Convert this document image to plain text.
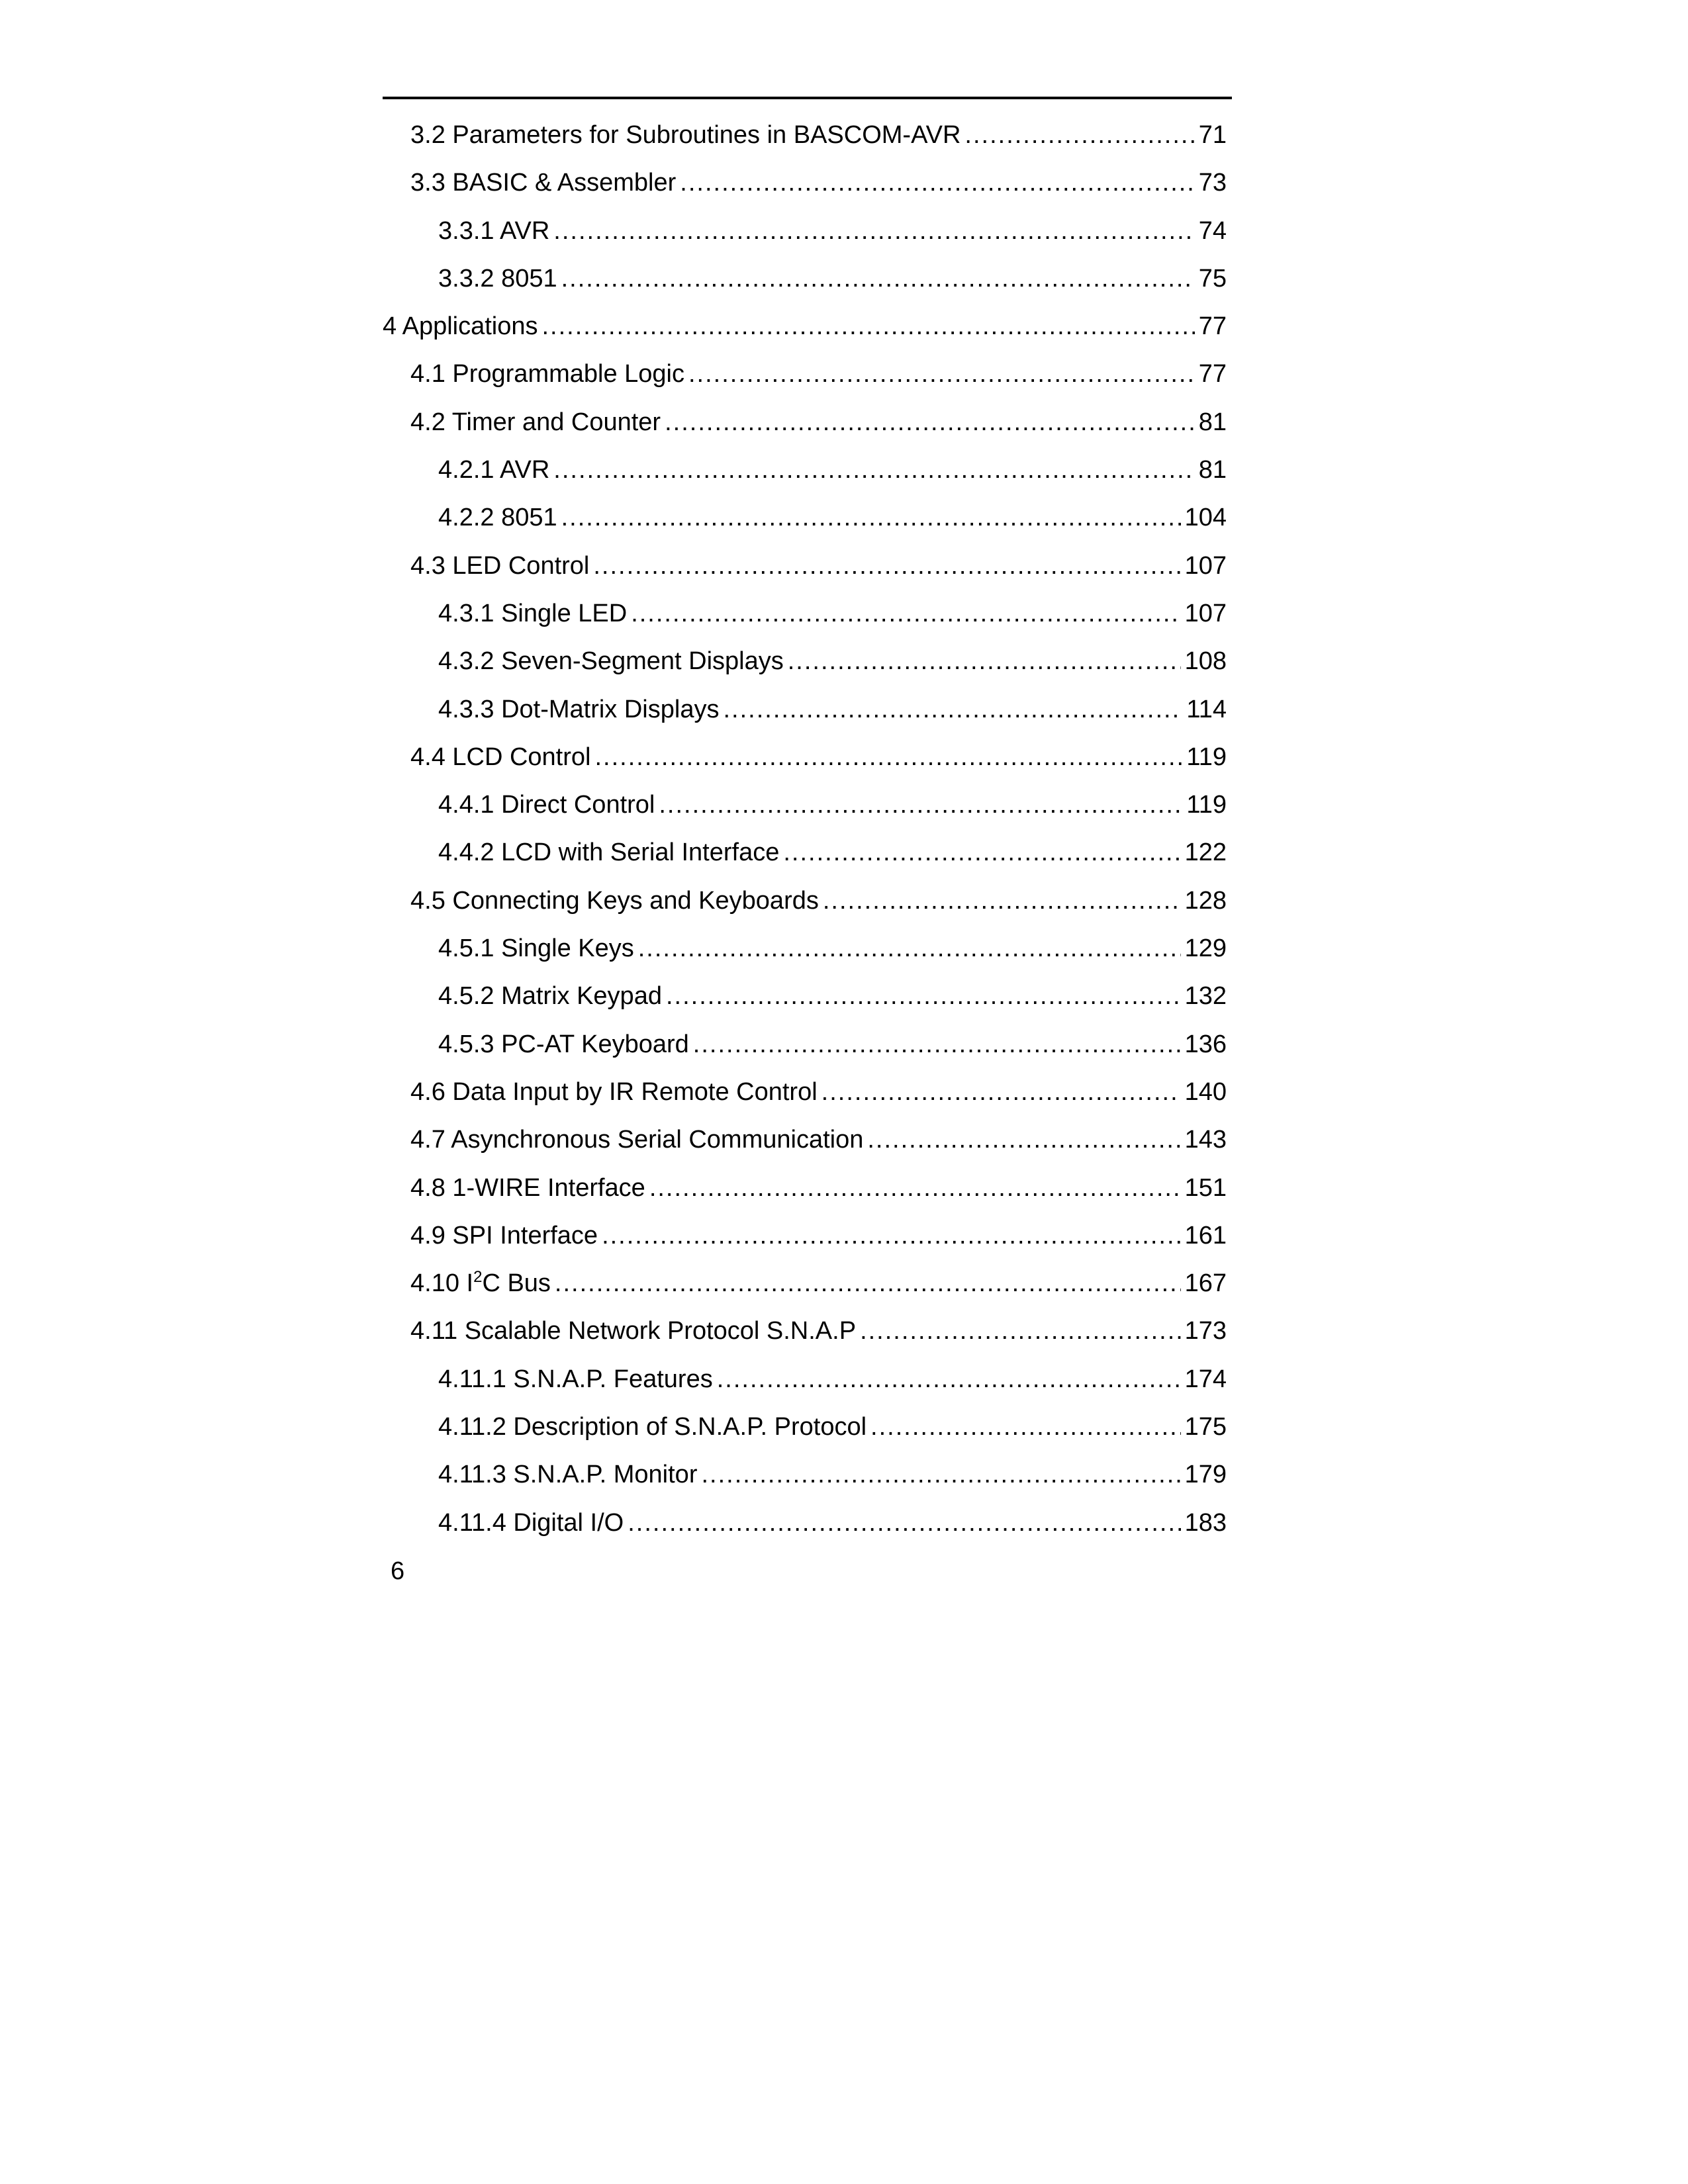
3.2 Parameters for Subroutines in BASCOM-AVR .....	71
3.3 BASIC & Assembler .....	73
3.3.1 AVR .....	74
3.3.2 8051 .....	75
4 Applications .....	77
4.1 Programmable Logic .....	77
4.2 Timer and Counter .....	81
4.2.1 AVR .....	81
4.2.2 8051 .....	104
4.3 LED Control .....	107
4.3.1 Single LED .....	107
4.3.2 Seven-Segment Displays .....	108
4.3.3 Dot-Matrix Displays .....	114
4.4 LCD Control .....	119
4.4.1 Direct Control .....	119
4.4.2 LCD with Serial Interface .....	122
4.5 Connecting Keys and Keyboards .....	128
4.5.1 Single Keys .....	129
4.5.2 Matrix Keypad .....	132
4.5.3 PC-AT Keyboard .....	136
4.6 Data Input by IR Remote Control .....	140
4.7 Asynchronous Serial Communication .....	143
4.8 1-WIRE Interface .....	151
4.9 SPI Interface .....	161
4.10 $I^2C$ Bus .....	167
4.11 Scalable Network Protocol S.N.A.P .....	173
4.11.1 S.N.A.P. Features .....	174
4.11.2 Description of S.N.A.P. Protocol .....	175
4.11.3 S.N.A.P. Monitor .....	179
4.11.4 Digital I/O .....	183
6
